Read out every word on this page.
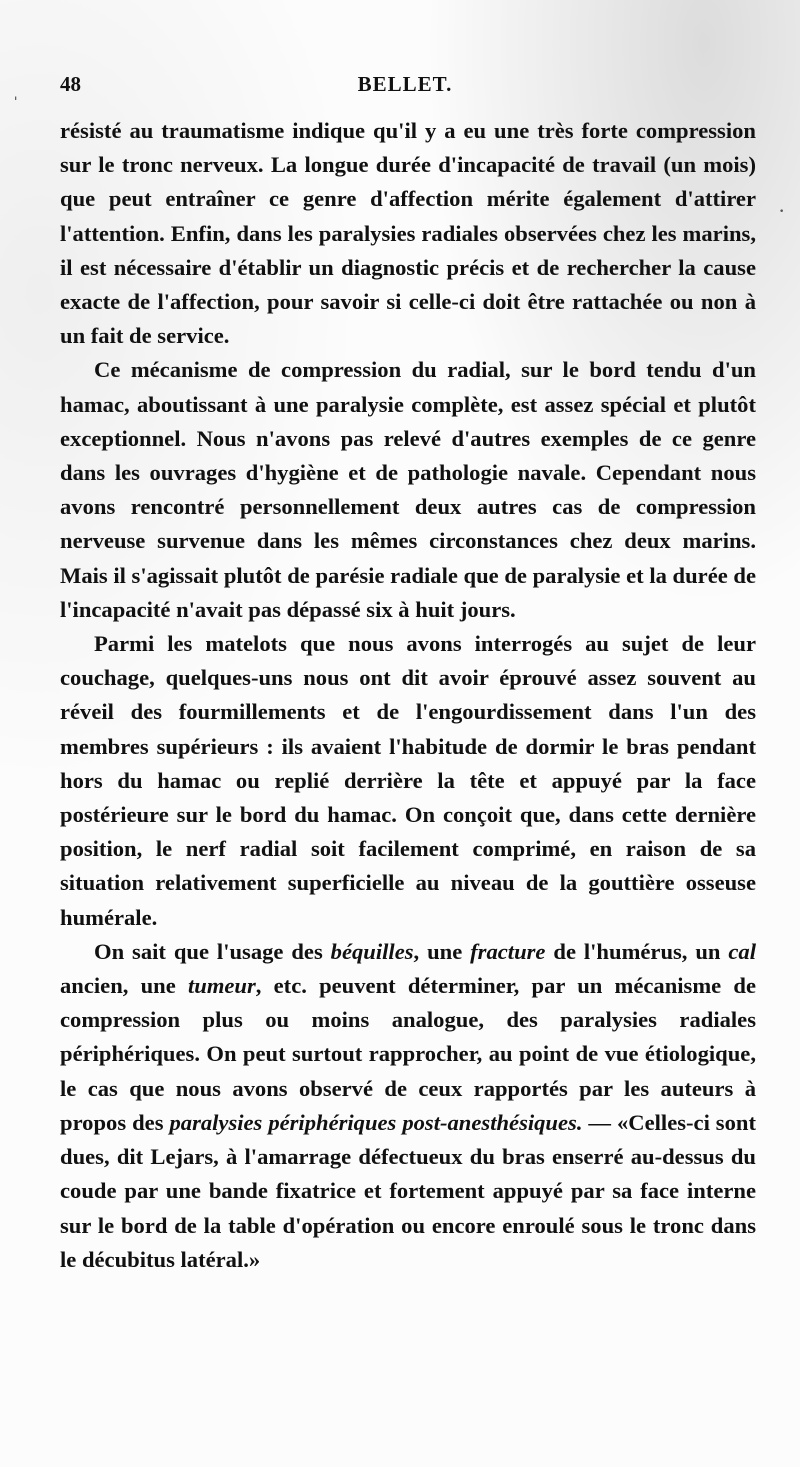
48	BELLET.

résisté au traumatisme indique qu'il y a eu une très forte compression sur le tronc nerveux. La longue durée d'incapacité de travail (un mois) que peut entraîner ce genre d'affection mérite également d'attirer l'attention. Enfin, dans les paralysies radiales observées chez les marins, il est nécessaire d'établir un diagnostic précis et de rechercher la cause exacte de l'affection, pour savoir si celle-ci doit être rattachée ou non à un fait de service.

Ce mécanisme de compression du radial, sur le bord tendu d'un hamac, aboutissant à une paralysie complète, est assez spécial et plutôt exceptionnel. Nous n'avons pas relevé d'autres exemples de ce genre dans les ouvrages d'hygiène et de pathologie navale. Cependant nous avons rencontré personnellement deux autres cas de compression nerveuse survenue dans les mêmes circonstances chez deux marins. Mais il s'agissait plutôt de parésie radiale que de paralysie et la durée de l'incapacité n'avait pas dépassé six à huit jours.

Parmi les matelots que nous avons interrogés au sujet de leur couchage, quelques-uns nous ont dit avoir éprouvé assez souvent au réveil des fourmillements et de l'engourdissement dans l'un des membres supérieurs : ils avaient l'habitude de dormir le bras pendant hors du hamac ou replié derrière la tête et appuyé par la face postérieure sur le bord du hamac. On conçoit que, dans cette dernière position, le nerf radial soit facilement comprimé, en raison de sa situation relativement superficielle au niveau de la gouttière osseuse humérale.

On sait que l'usage des béquilles, une fracture de l'humérus, un cal ancien, une tumeur, etc. peuvent déterminer, par un mécanisme de compression plus ou moins analogue, des paralysies radiales périphériques. On peut surtout rapprocher, au point de vue étiologique, le cas que nous avons observé de ceux rapportés par les auteurs à propos des paralysies périphériques post-anesthésiques. — «Celles-ci sont dues, dit Lejars, à l'amarrage défectueux du bras enserré au-dessus du coude par une bande fixatrice et fortement appuyé par sa face interne sur le bord de la table d'opération ou encore enroulé sous le tronc dans le décubitus latéral.»

ˈ
·
